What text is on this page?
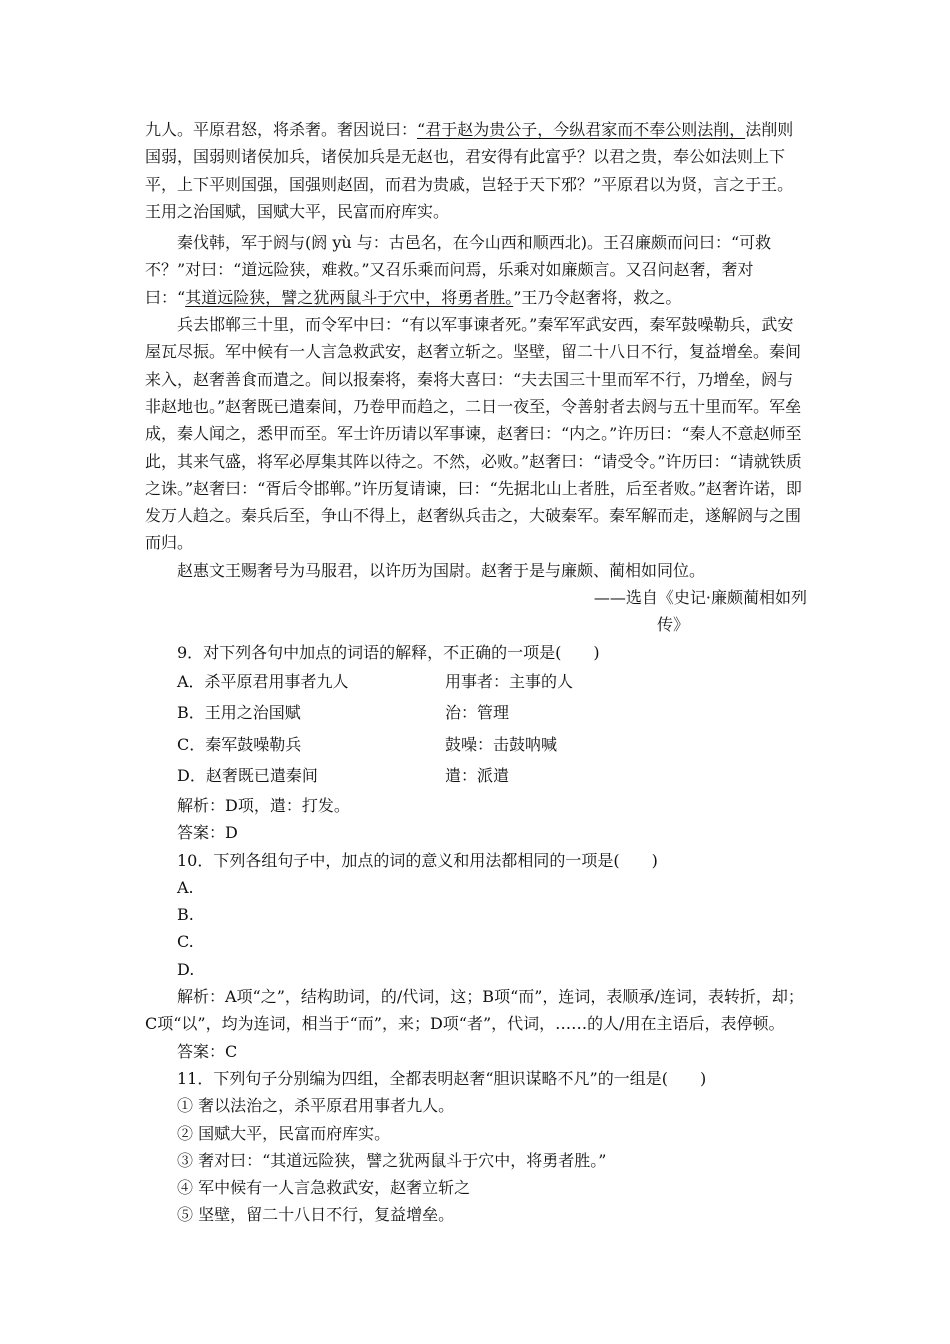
九人。平原君怒，将杀奢。奢因说曰：“君于赵为贵公子，今纵君家而不奉公则法削，法削则国弱，国弱则诸侯加兵，诸侯加兵是无赵也，君安得有此富乎？以君之贵，奉公如法则上下平，上下平则国强，国强则赵固，而君为贵戚，岂轻于天下邪？”平原君以为贤，言之于王。王用之治国赋，国赋大平，民富而府库实。

秦伐韩，军于阏与(阏 yù 与：古邑名，在今山西和顺西北)。王召廉颇而问曰：“可救不？”对曰：“道远险狭，难救。”又召乐乘而问焉，乐乘对如廉颇言。又召问赵奢，奢对曰：“其道远险狭，譬之犹两鼠斗于穴中，将勇者胜。”王乃令赵奢将，救之。

兵去邯郸三十里，而令军中曰：“有以军事谏者死。”秦军军武安西，秦军鼓噪勒兵，武安屋瓦尽振。军中候有一人言急救武安，赵奢立斩之。坚壁，留二十八日不行，复益增垒。秦间来入，赵奢善食而遣之。间以报秦将，秦将大喜曰：“夫去国三十里而军不行，乃增垒，阏与非赵地也。”赵奢既已遣秦间，乃卷甲而趋之，二日一夜至，令善射者去阏与五十里而军。军垒成，秦人闻之，悉甲而至。军士许历请以军事谏，赵奢曰：“内之。”许历曰：“秦人不意赵师至此，其来气盛，将军必厚集其阵以待之。不然，必败。”赵奢曰：“请受令。”许历曰：“请就铁质之诛。”赵奢曰：“胥后令邯郸。”许历复请谏，曰：“先据北山上者胜，后至者败。”赵奢许诺，即发万人趋之。秦兵后至，争山不得上，赵奢纵兵击之，大破秦军。秦军解而走，遂解阏与之围而归。

赵惠文王赐奢号为马服君，以许历为国尉。赵奢于是与廉颇、蔺相如同位。

——选自《史记·廉颇蔺相如列
传》

9．对下列各句中加点的词语的解释，不正确的一项是(　　)

A．杀平原君用事者九人	用事者：主事的人
B．王用之治国赋	治：管理
C．秦军鼓噪勒兵	鼓噪：击鼓呐喊
D．赵奢既已遣秦间	遣：派遣

解析：D项，遣：打发。

答案：D

10．下列各组句子中，加点的词的意义和用法都相同的一项是(　　)

A.

B.

C.

D.

解析：A项“之”，结构助词，的/代词，这；B项“而”，连词，表顺承/连词，表转折，却；C项“以”，均为连词，相当于“而”，来；D项“者”，代词，……的人/用在主语后，表停顿。

答案：C

11．下列句子分别编为四组，全都表明赵奢“胆识谋略不凡”的一组是(　　)

① 奢以法治之，杀平原君用事者九人。

② 国赋大平，民富而府库实。

③ 奢对曰：“其道远险狭，譬之犹两鼠斗于穴中，将勇者胜。”

④ 军中候有一人言急救武安，赵奢立斩之

⑤ 坚壁，留二十八日不行，复益增垒。
